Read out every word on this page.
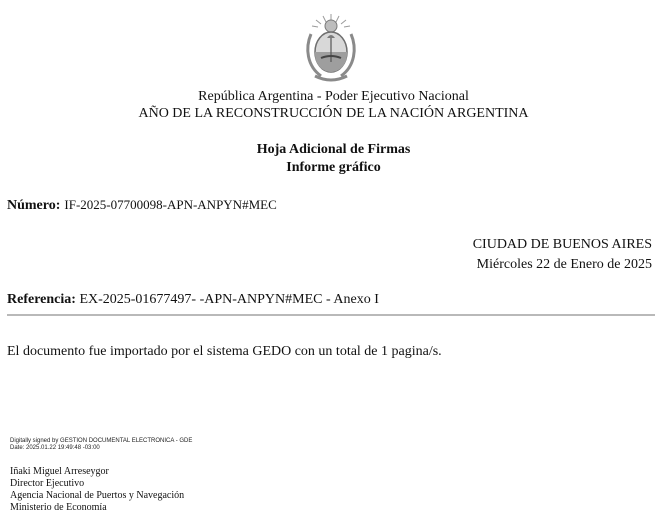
República Argentina - Poder Ejecutivo Nacional
AÑO DE LA RECONSTRUCCIÓN DE LA NACIÓN ARGENTINA
Hoja Adicional de Firmas
Informe gráfico
Número: IF-2025-07700098-APN-ANPYN#MEC
CIUDAD DE BUENOS AIRES
Miércoles 22 de Enero de 2025
Referencia: EX-2025-01677497- -APN-ANPYN#MEC - Anexo I
El documento fue importado por el sistema GEDO con un total de 1 pagina/s.
Digitally signed by GESTION DOCUMENTAL ELECTRONICA - GDE
Date: 2025.01.22 19:49:48 -03:00
Iñaki Miguel Arreseygor
Director Ejecutivo
Agencia Nacional de Puertos y Navegación
Ministerio de Economía
